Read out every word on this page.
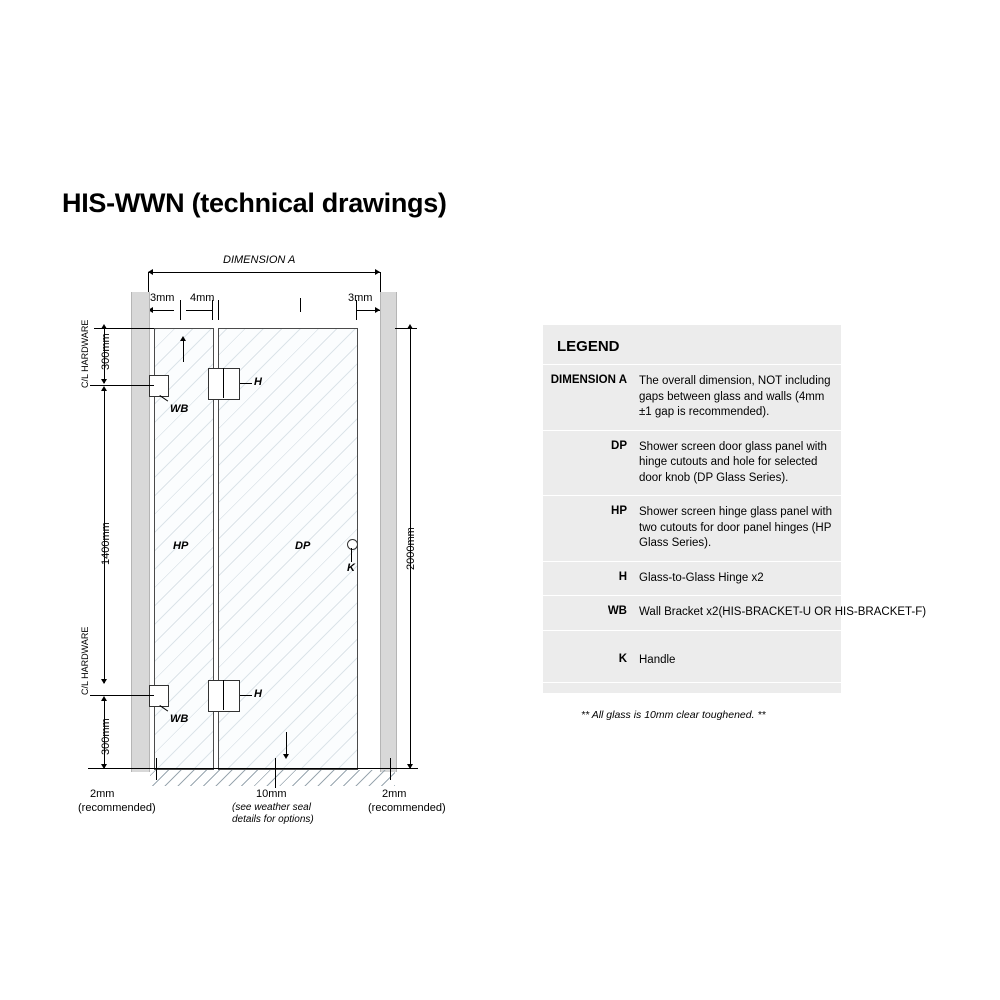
HIS-WWN (technical drawings)
DIMENSION A
3mm 4mm	3mm
HP	DP
H
WB
H
WB
K	2000mm
300mm
C/L HARDWARE
1400mm
C/L HARDWARE
300mm
2mm
(recommended)
10mm
(see weather seal
details for options)
2mm
(recommended)
LEGEND
DIMENSION A	The overall dimension, NOT including gaps between glass and walls (4mm ±1 gap is recommended).
DP	Shower screen door glass panel with hinge cutouts and hole for selected door knob (DP Glass Series).
HP	Shower screen hinge glass panel with two cutouts for door panel hinges (HP Glass Series).
H	Glass-to-Glass Hinge x2
WB	Wall Bracket x2(HIS-BRACKET-U OR HIS-BRACKET-F)
K	Handle
** All glass is 10mm clear toughened. **
